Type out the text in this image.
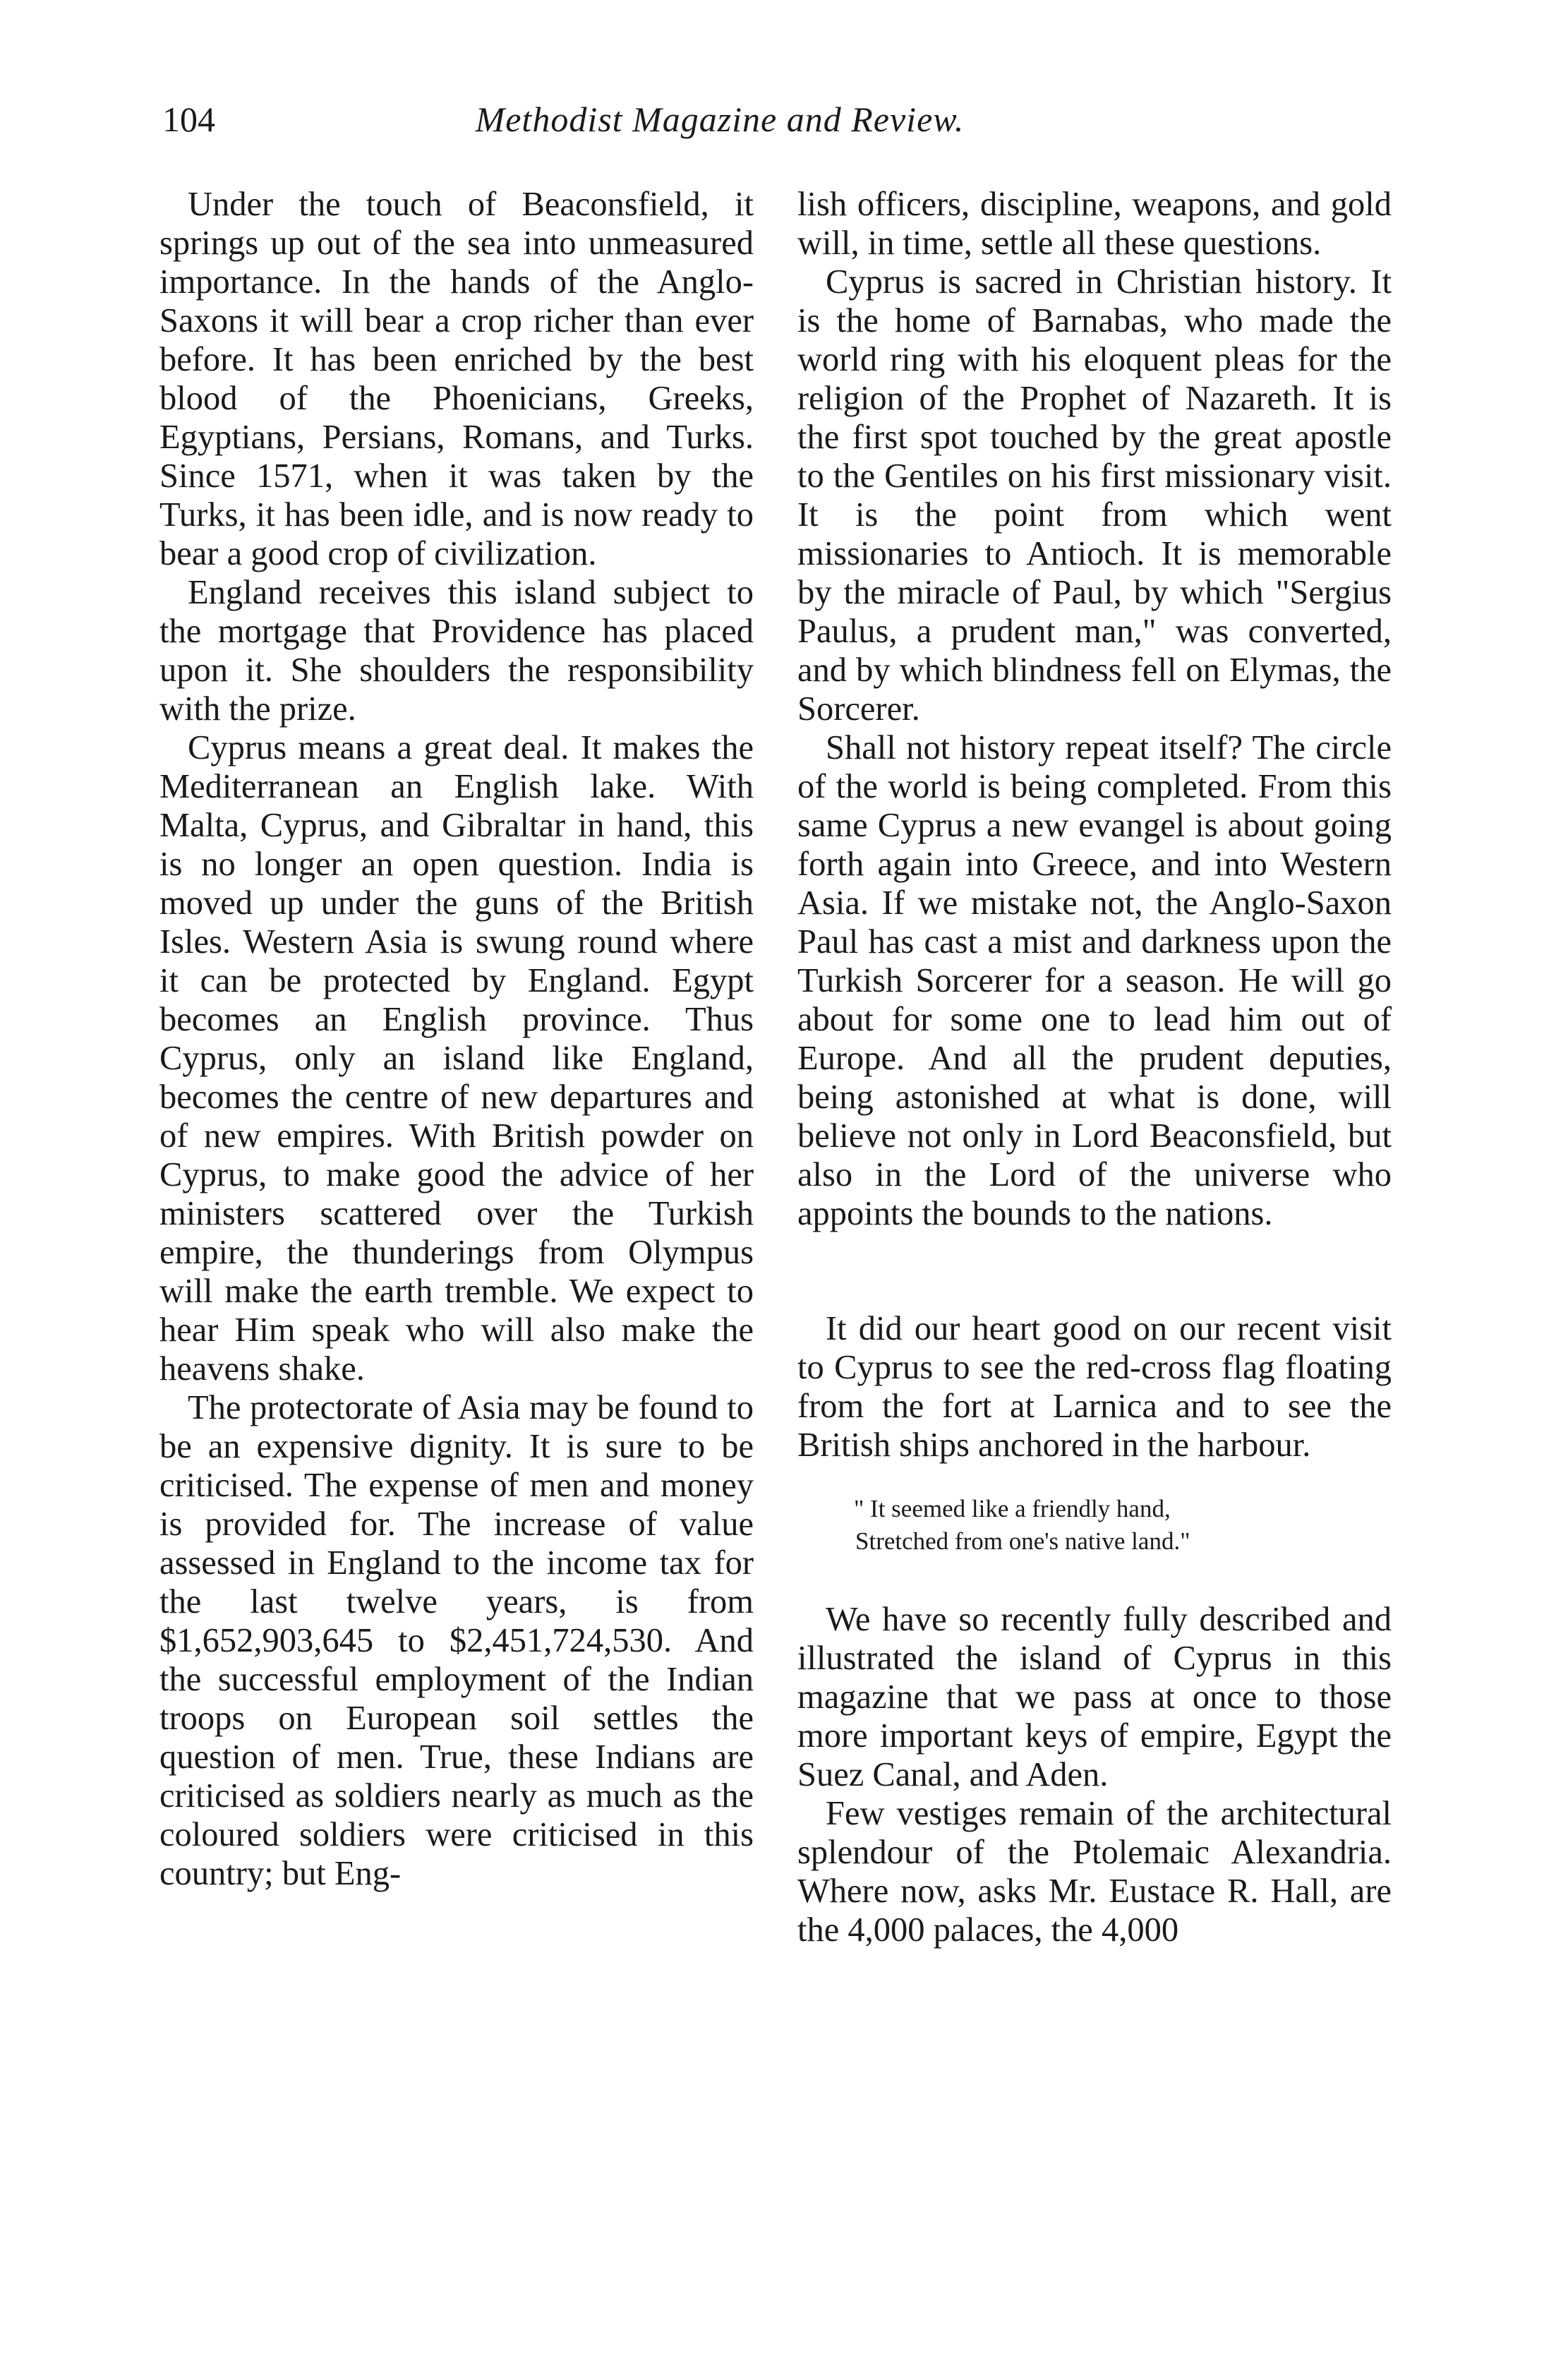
104	Methodist Magazine and Review.

Under the touch of Beaconsfield, it springs up out of the sea into unmeasured importance. In the hands of the Anglo-Saxons it will bear a crop richer than ever before. It has been enriched by the best blood of the Phoenicians, Greeks, Egyptians, Persians, Romans, and Turks. Since 1571, when it was taken by the Turks, it has been idle, and is now ready to bear a good crop of civilization.

England receives this island subject to the mortgage that Providence has placed upon it. She shoulders the responsibility with the prize.

Cyprus means a great deal. It makes the Mediterranean an English lake. With Malta, Cyprus, and Gibraltar in hand, this is no longer an open question. India is moved up under the guns of the British Isles. Western Asia is swung round where it can be protected by England. Egypt becomes an English province. Thus Cyprus, only an island like England, becomes the centre of new departures and of new empires. With British powder on Cyprus, to make good the advice of her ministers scattered over the Turkish empire, the thunderings from Olympus will make the earth tremble. We expect to hear Him speak who will also make the heavens shake.

The protectorate of Asia may be found to be an expensive dignity. It is sure to be criticised. The expense of men and money is provided for. The increase of value assessed in England to the income tax for the last twelve years, is from $1,652,903,645 to $2,451,724,530. And the successful employment of the Indian troops on European soil settles the question of men. True, these Indians are criticised as soldiers nearly as much as the coloured soldiers were criticised in this country; but Eng-

lish officers, discipline, weapons, and gold will, in time, settle all these questions.

Cyprus is sacred in Christian history. It is the home of Barnabas, who made the world ring with his eloquent pleas for the religion of the Prophet of Nazareth. It is the first spot touched by the great apostle to the Gentiles on his first missionary visit. It is the point from which went missionaries to Antioch. It is memorable by the miracle of Paul, by which "Sergius Paulus, a prudent man," was converted, and by which blindness fell on Elymas, the Sorcerer.

Shall not history repeat itself? The circle of the world is being completed. From this same Cyprus a new evangel is about going forth again into Greece, and into Western Asia. If we mistake not, the Anglo-Saxon Paul has cast a mist and darkness upon the Turkish Sorcerer for a season. He will go about for some one to lead him out of Europe. And all the prudent deputies, being astonished at what is done, will believe not only in Lord Beaconsfield, but also in the Lord of the universe who appoints the bounds to the nations.

It did our heart good on our recent visit to Cyprus to see the red-cross flag floating from the fort at Larnica and to see the British ships anchored in the harbour.

" It seemed like a friendly hand,
Stretched from one's native land."

We have so recently fully described and illustrated the island of Cyprus in this magazine that we pass at once to those more important keys of empire, Egypt the Suez Canal, and Aden.

Few vestiges remain of the architectural splendour of the Ptolemaic Alexandria. Where now, asks Mr. Eustace R. Hall, are the 4,000 palaces, the 4,000
